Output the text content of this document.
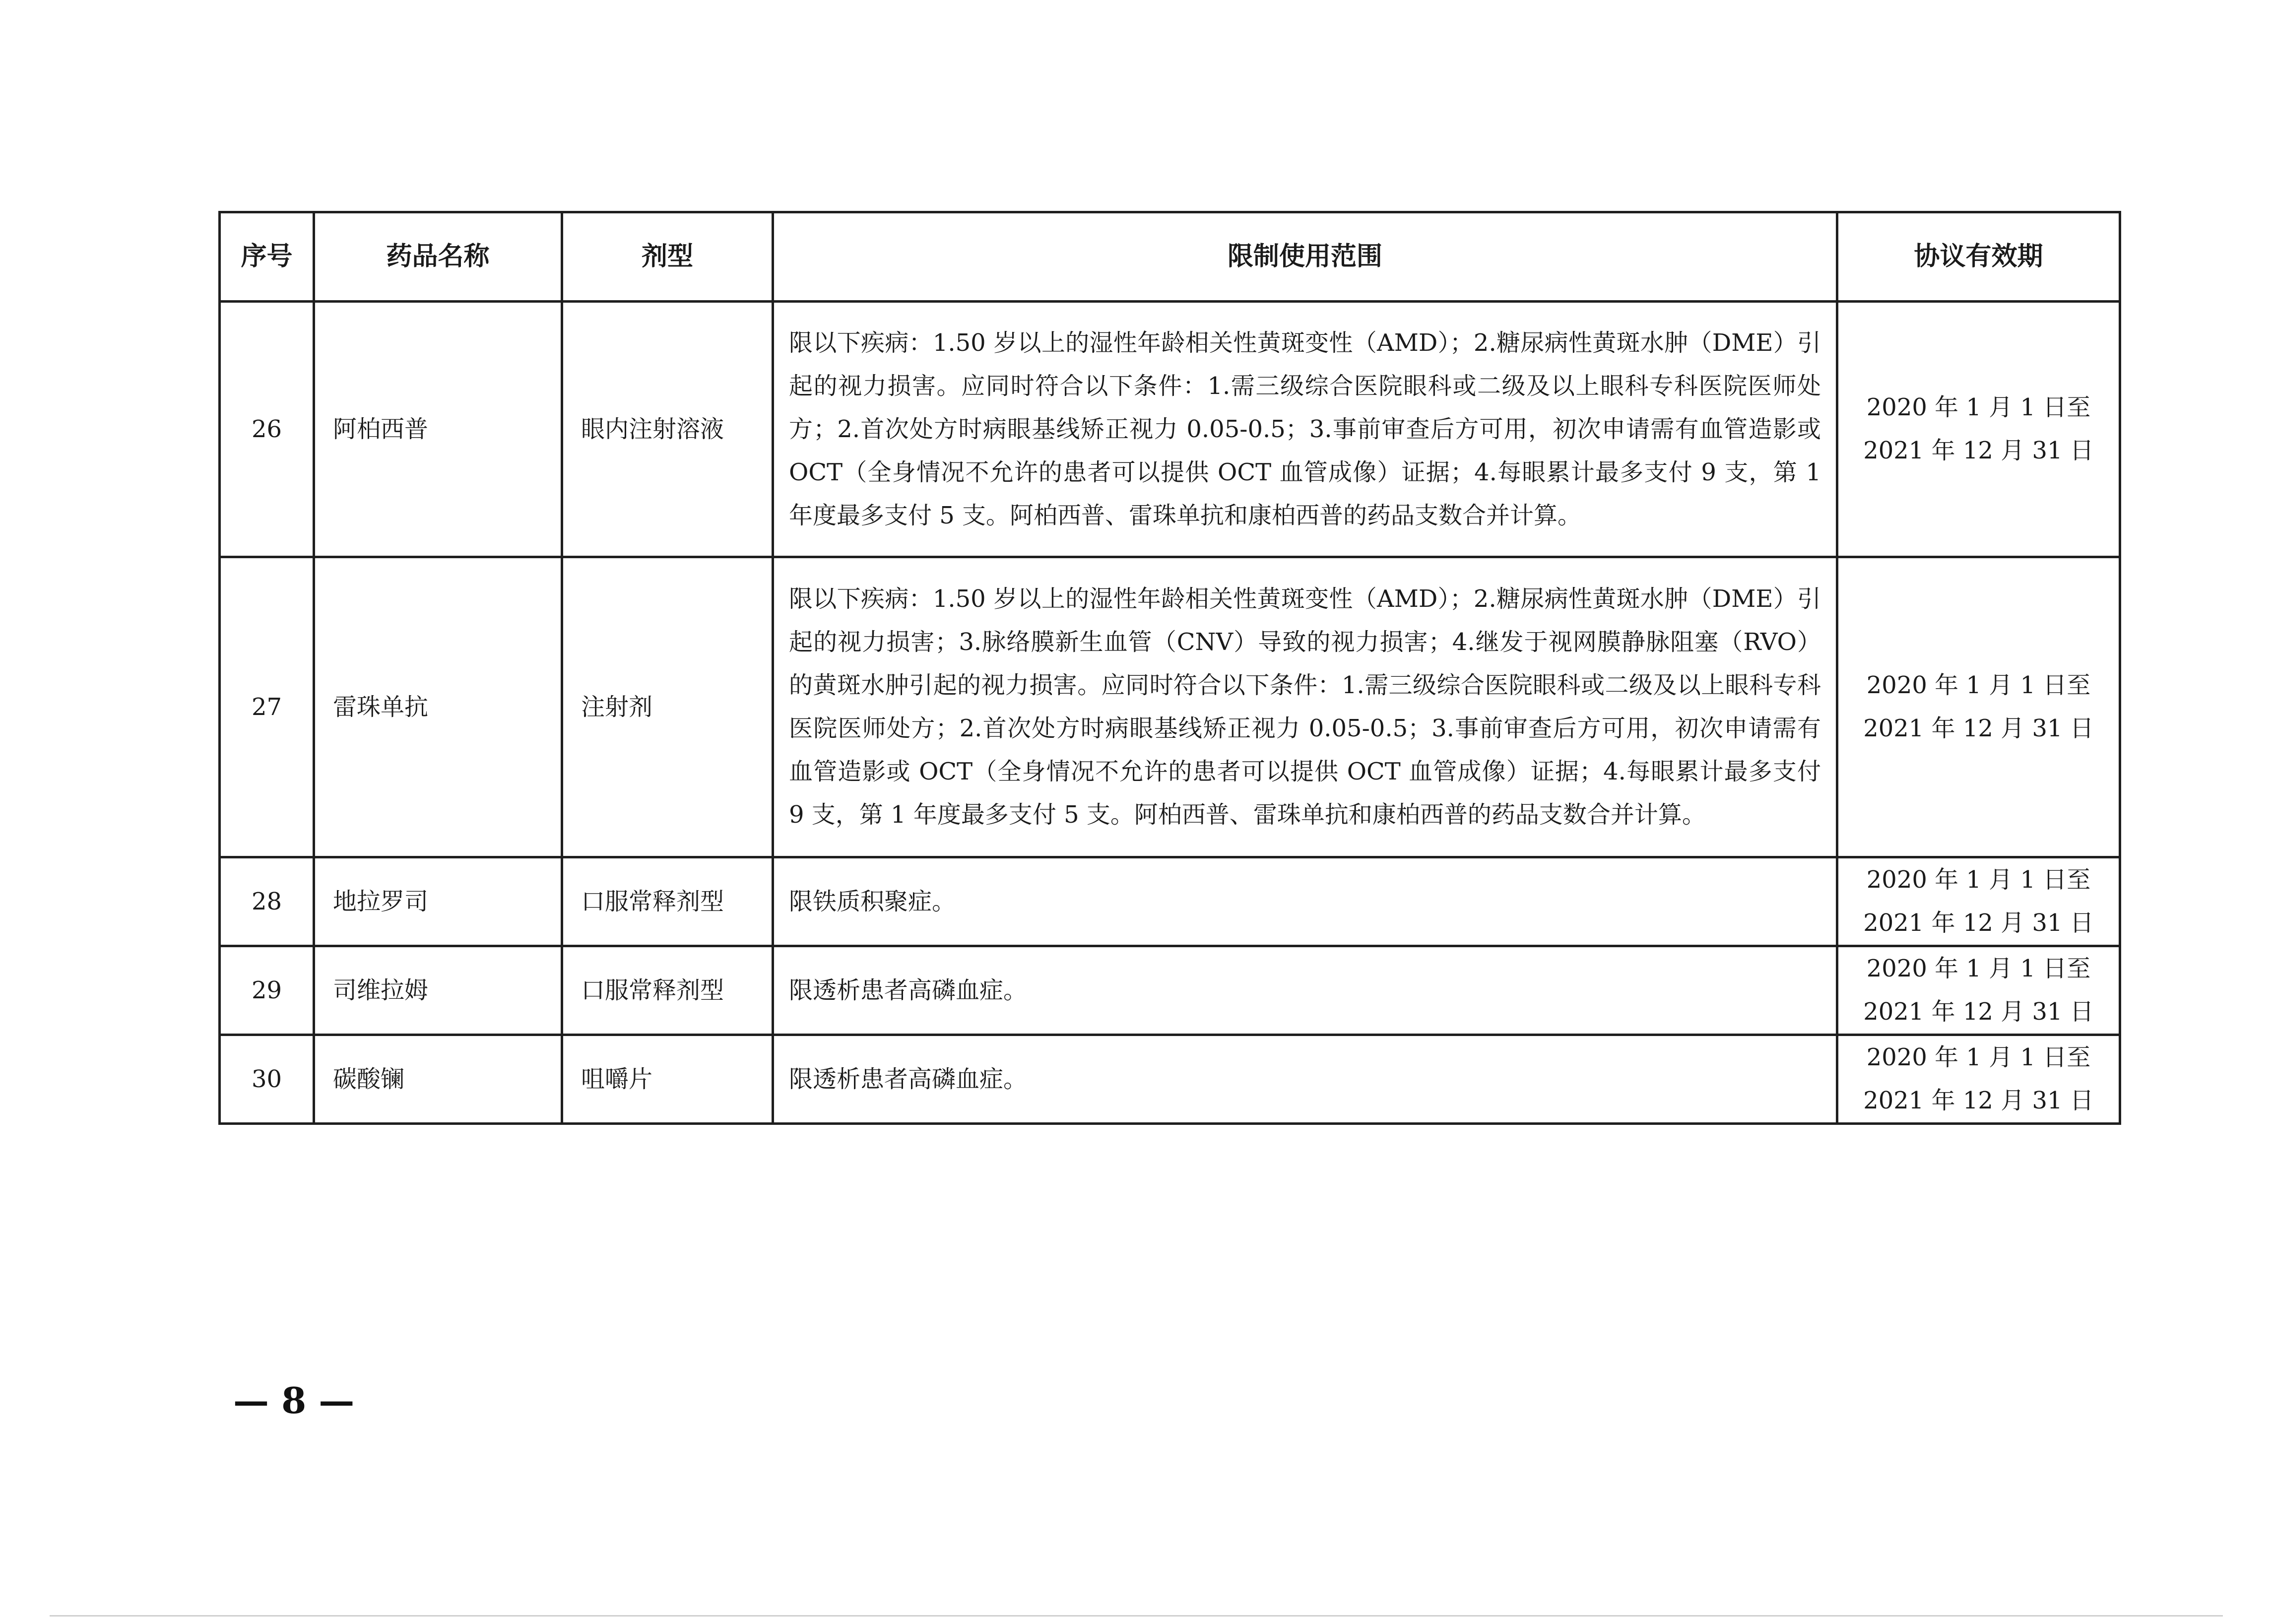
序号	药品名称	剂型	限制使用范围	协议有效期
26	阿柏西普	眼内注射溶液	限以下疾病：1.50 岁以上的湿性年龄相关性黄斑变性（AMD）；2.糖尿病性黄斑水肿（DME）引起的视力损害。应同时符合以下条件：1.需三级综合医院眼科或二级及以上眼科专科医院医师处方；2.首次处方时病眼基线矫正视力 0.05-0.5；3.事前审查后方可用，初次申请需有血管造影或 OCT（全身情况不允许的患者可以提供 OCT 血管成像）证据；4.每眼累计最多支付 9 支，第 1 年度最多支付 5 支。阿柏西普、雷珠单抗和康柏西普的药品支数合并计算。	2020 年 1 月 1 日至
2021 年 12 月 31 日

27	雷珠单抗	注射剂	限以下疾病：1.50 岁以上的湿性年龄相关性黄斑变性（AMD）；2.糖尿病性黄斑水肿（DME）引起的视力损害；3.脉络膜新生血管（CNV）导致的视力损害；4.继发于视网膜静脉阻塞（RVO）的黄斑水肿引起的视力损害。应同时符合以下条件：1.需三级综合医院眼科或二级及以上眼科专科医院医师处方；2.首次处方时病眼基线矫正视力 0.05-0.5；3.事前审查后方可用，初次申请需有血管造影或 OCT（全身情况不允许的患者可以提供 OCT 血管成像）证据；4.每眼累计最多支付 9 支，第 1 年度最多支付 5 支。阿柏西普、雷珠单抗和康柏西普的药品支数合并计算。	2020 年 1 月 1 日至
2021 年 12 月 31 日

28	地拉罗司	口服常释剂型	限铁质积聚症。	2020 年 1 月 1 日至
2021 年 12 月 31 日

29	司维拉姆	口服常释剂型	限透析患者高磷血症。	2020 年 1 月 1 日至
2021 年 12 月 31 日

30	碳酸镧	咀嚼片	限透析患者高磷血症。	2020 年 1 月 1 日至
2021 年 12 月 31 日
— 8 —
